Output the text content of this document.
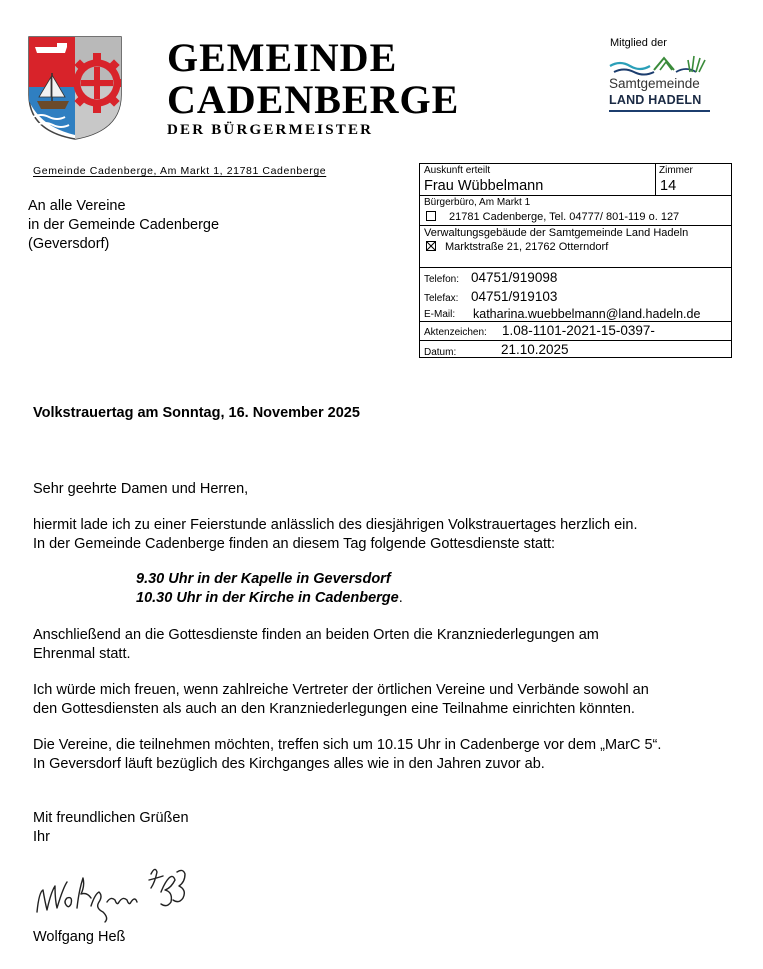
GEMEINDE
CADENBERGE
DER BÜRGERMEISTER
Mitglied der
Samtgemeinde
LAND HADELN
Gemeinde Cadenberge, Am Markt 1, 21781 Cadenberge
An alle Vereine
in der Gemeinde Cadenberge
(Geversdorf)
Auskunft erteilt
Frau Wübbelmann
Zimmer
14
Bürgerbüro, Am Markt 1
21781 Cadenberge, Tel. 04777/ 801-119 o. 127
Verwaltungsgebäude der Samtgemeinde Land Hadeln
Marktstraße 21, 21762 Otterndorf
Telefon: 04751/919098
Telefax: 04751/919103
E-Mail: katharina.wuebbelmann@land.hadeln.de
Aktenzeichen: 1.08-1101-2021-15-0397-
Datum:	21.10.2025
Volkstrauertag am Sonntag, 16. November 2025
Sehr geehrte Damen und Herren,
hiermit lade ich zu einer Feierstunde anlässlich des diesjährigen Volkstrauertages herzlich ein.
In der Gemeinde Cadenberge finden an diesem Tag folgende Gottesdienste statt:
9.30 Uhr in der Kapelle in Geversdorf
10.30 Uhr in der Kirche in Cadenberge.
Anschließend an die Gottesdienste finden an beiden Orten die Kranzniederlegungen am
Ehrenmal statt.
Ich würde mich freuen, wenn zahlreiche Vertreter der örtlichen Vereine und Verbände sowohl an
den Gottesdiensten als auch an den Kranzniederlegungen eine Teilnahme einrichten könnten.
Die Vereine, die teilnehmen möchten, treffen sich um 10.15 Uhr in Cadenberge vor dem „MarC 5“.
In Geversdorf läuft bezüglich des Kirchganges alles wie in den Jahren zuvor ab.
Mit freundlichen Grüßen
Ihr
Wolfgang Heß
